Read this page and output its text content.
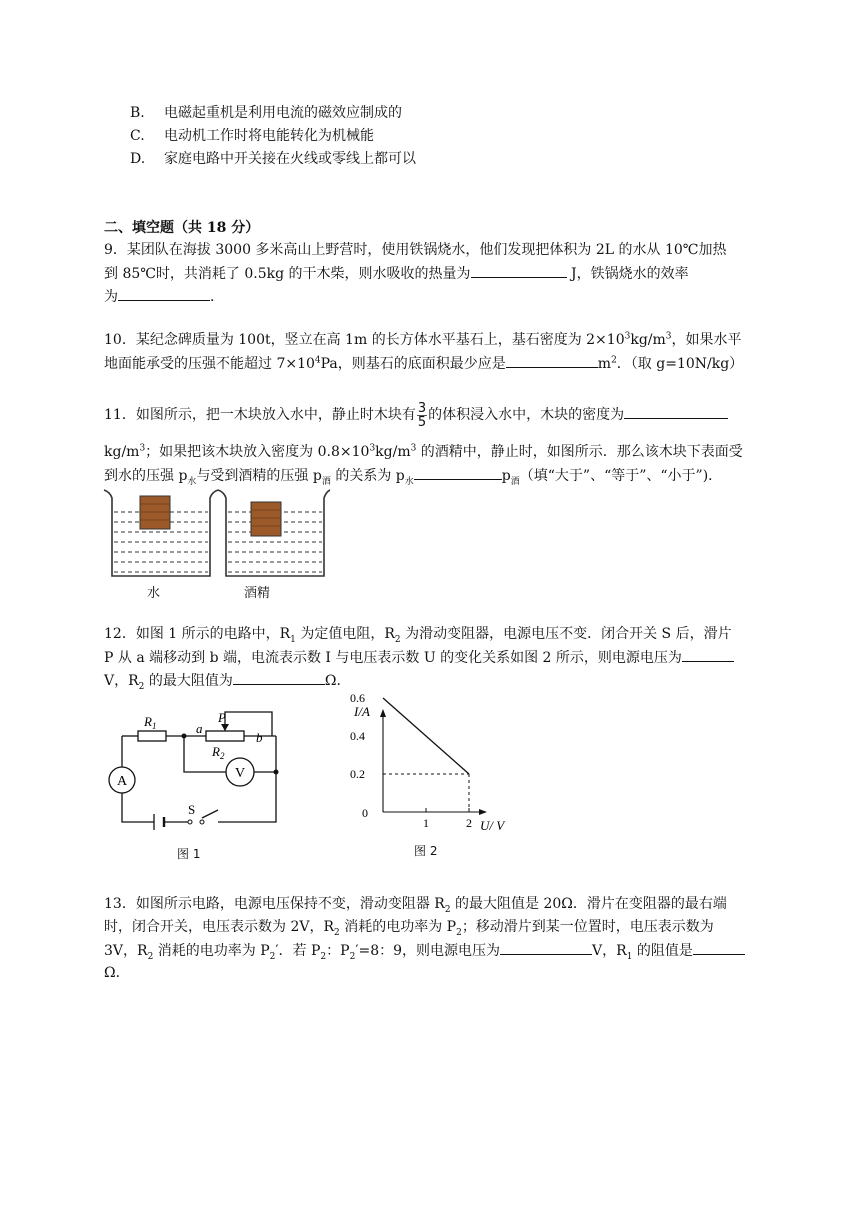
B. 电磁起重机是利用电流的磁效应制成的
C. 电动机工作时将电能转化为机械能
D. 家庭电路中开关接在火线或零线上都可以
二、填空题（共 18 分）
9．某团队在海拔 3000 多米高山上野营时，使用铁锅烧水，他们发现把体积为 2L 的水从 10℃加热
到 85℃时，共消耗了 0.5kg 的干木柴，则水吸收的热量为	J，铁锅烧水的效率
为	．
10．某纪念碑质量为 100t，竖立在高 1m 的长方体水平基石上，基石密度为 $2\times 10^3kg/m^3$，如果水平
地面能承受的压强不能超过 $7\times 10^4Pa$，则基石的底面积最少应是	$m^2$．（取 g=10N/kg）
11．如图所示，把一木块放入水中，静止时木块有 $\frac{3}{5}$ 的体积浸入水中，木块的密度为
$kg/m^3$；如果把该木块放入密度为 $0.8\times 10^3kg/m^3$ 的酒精中，静止时，如图所示．那么该木块下表面受
到水的压强 $p_水$与受到酒精的压强 $p_酒$ 的关系为 $p_水$	$p_酒$（填“大于”、“等于”、“小于”)．
水	酒精
12．如图 1 所示的电路中，$R_1$ 为定值电阻，$R_2$ 为滑动变阻器，电源电压不变．闭合开关 S 后，滑片
P 从 a 端移动到 b 端，电流表示数 I 与电压表示数 U 的变化关系如图 2 所示，则电源电压为
V，$R_2$ 的最大阻值为	Ω．
A
V
$R_1$
$R_2$
a
b
P
S
图 1
I/A
U/ V
0
0.2
0.4
0.6
1	2
图 2
13．如图所示电路，电源电压保持不变，滑动变阻器 $R_2$ 的最大阻值是 20Ω．滑片在变阻器的最右端
时，闭合开关，电压表示数为 2V，$R_2$ 消耗的电功率为 $P_2$；移动滑片到某一位置时，电压表示数为
3V，$R_2$ 消耗的电功率为 $P_2'$．若 $P_2$：$P_2'=8$：9，则电源电压为	V，$R_1$ 的阻值是
Ω．
